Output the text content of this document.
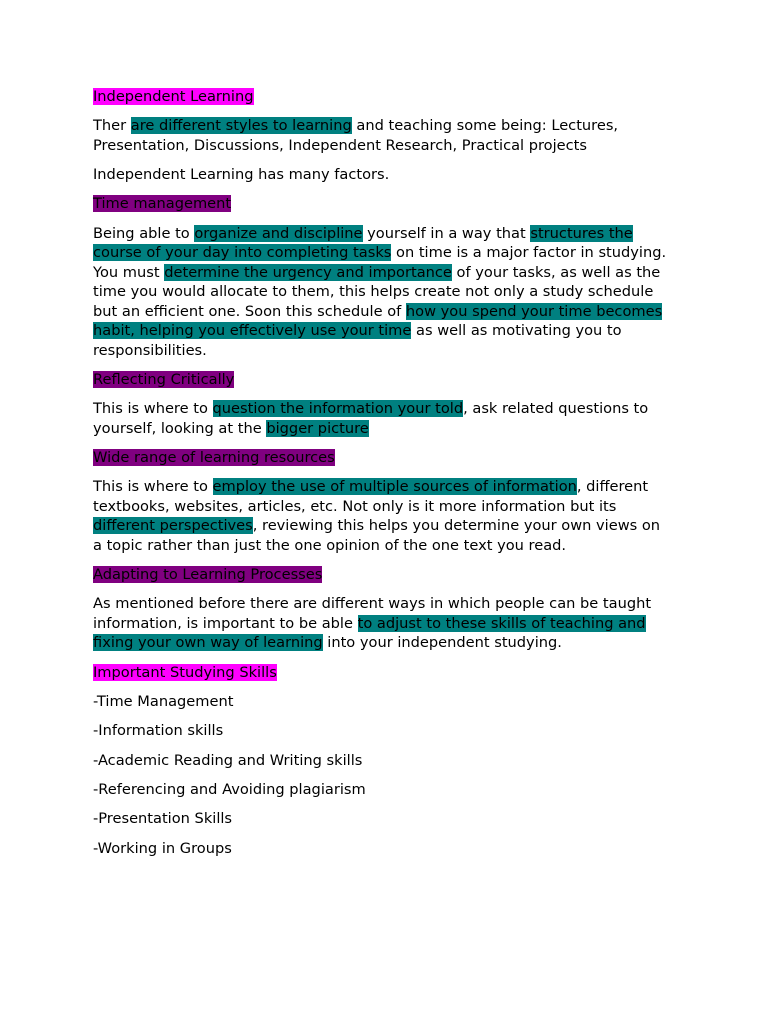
Independent Learning

Ther are different styles to learning and teaching some being: Lectures, Presentation, Discussions, Independent Research, Practical projects

Independent Learning has many factors.

Time management

Being able to organize and discipline yourself in a way that structures the course of your day into completing tasks on time is a major factor in studying. You must determine the urgency and importance of your tasks, as well as the time you would allocate to them, this helps create not only a study schedule but an efficient one. Soon this schedule of how you spend your time becomes habit, helping you effectively use your time as well as motivating you to responsibilities.

Reflecting Critically

This is where to question the information your told, ask related questions to yourself, looking at the bigger picture

Wide range of learning resources

This is where to employ the use of multiple sources of information, different textbooks, websites, articles, etc. Not only is it more information but its different perspectives, reviewing this helps you determine your own views on a topic rather than just the one opinion of the one text you read.

Adapting to Learning Processes

As mentioned before there are different ways in which people can be taught information, is important to be able to adjust to these skills of teaching and fixing your own way of learning into your independent studying.

Important Studying Skills

-Time Management

-Information skills

-Academic Reading and Writing skills

-Referencing and Avoiding plagiarism

-Presentation Skills

-Working in Groups
